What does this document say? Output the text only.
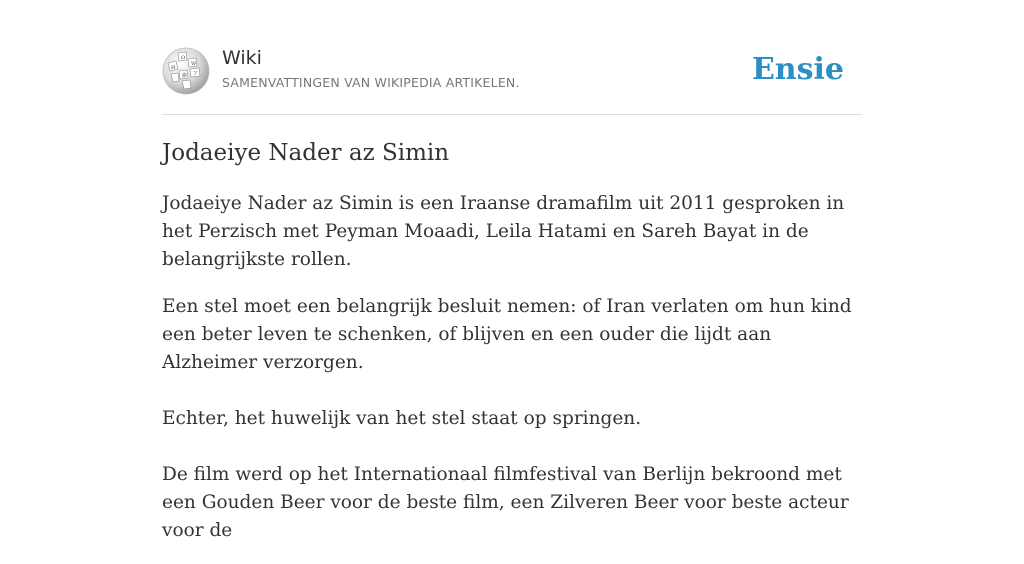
Ω
W
И
維 ア
Wiki
SAMENVATTINGEN VAN WIKIPEDIA ARTIKELEN.	Ensie
Jodaeiye Nader az Simin

Jodaeiye Nader az Simin is een Iraanse dramafilm uit 2011 gesproken in het Perzisch met Peyman Moaadi, Leila Hatami en Sareh Bayat in de belangrijkste rollen.

Een stel moet een belangrijk besluit nemen: of Iran verlaten om hun kind een beter leven te schenken, of blijven en een ouder die lijdt aan Alzheimer verzorgen.

Echter, het huwelijk van het stel staat op springen.

De film werd op het Internationaal filmfestival van Berlijn bekroond met een Gouden Beer voor de beste film, een Zilveren Beer voor beste acteur voor de
